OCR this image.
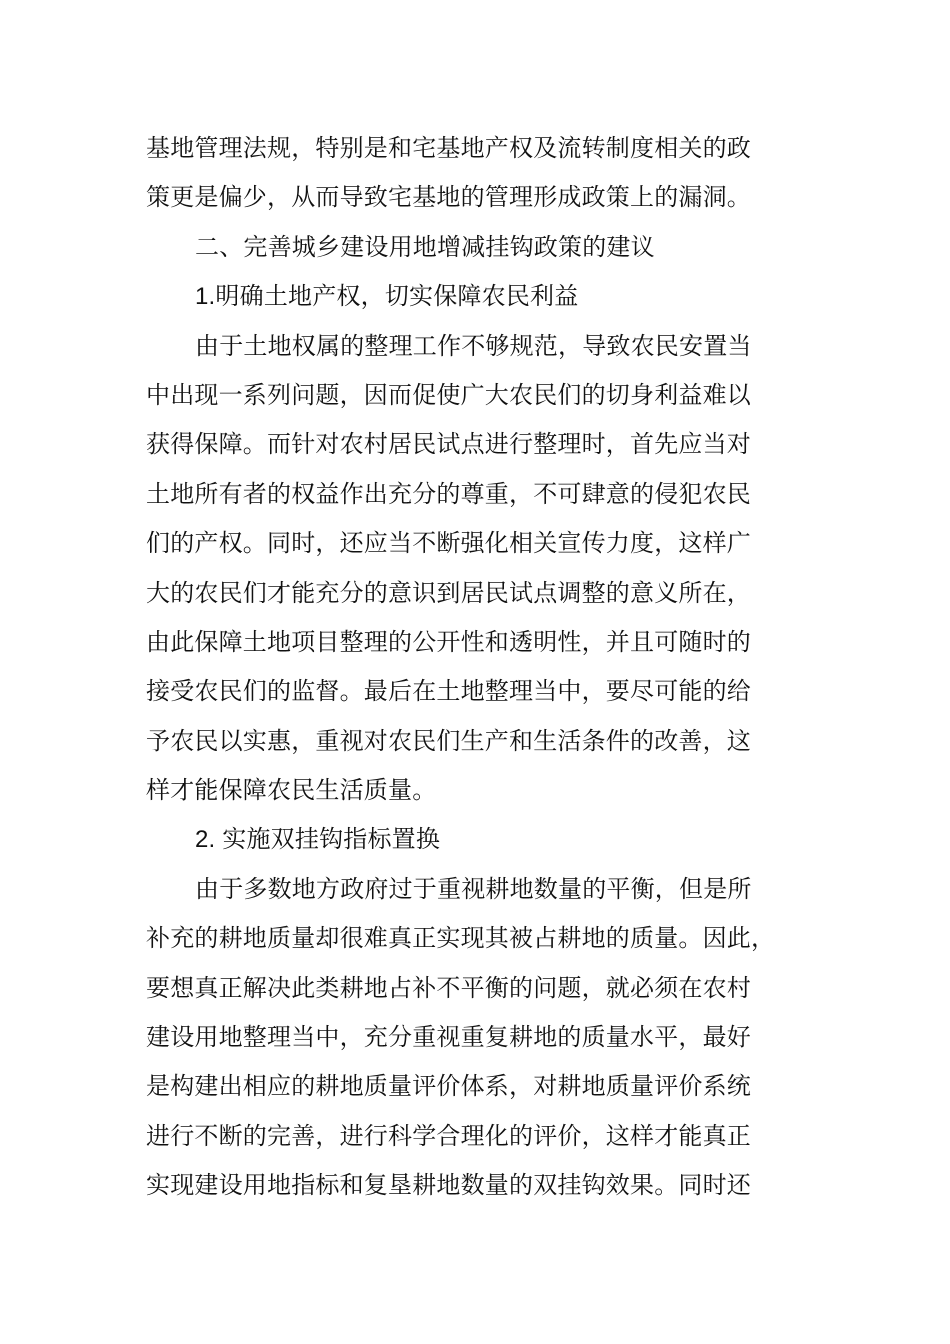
基地管理法规，特别是和宅基地产权及流转制度相关的政
策更是偏少，从而导致宅基地的管理形成政策上的漏洞。
二、完善城乡建设用地增减挂钩政策的建议
1.明确土地产权，切实保障农民利益
由于土地权属的整理工作不够规范，导致农民安置当
中出现一系列问题，因而促使广大农民们的切身利益难以
获得保障。而针对农村居民试点进行整理时，首先应当对
土地所有者的权益作出充分的尊重，不可肆意的侵犯农民
们的产权。同时，还应当不断强化相关宣传力度，这样广
大的农民们才能充分的意识到居民试点调整的意义所在，
由此保障土地项目整理的公开性和透明性，并且可随时的
接受农民们的监督。最后在土地整理当中，要尽可能的给
予农民以实惠，重视对农民们生产和生活条件的改善，这
样才能保障农民生活质量。
2. 实施双挂钩指标置换
由于多数地方政府过于重视耕地数量的平衡，但是所
补充的耕地质量却很难真正实现其被占耕地的质量。因此，
要想真正解决此类耕地占补不平衡的问题，就必须在农村
建设用地整理当中，充分重视重复耕地的质量水平，最好
是构建出相应的耕地质量评价体系，对耕地质量评价系统
进行不断的完善，进行科学合理化的评价，这样才能真正
实现建设用地指标和复垦耕地数量的双挂钩效果。同时还
